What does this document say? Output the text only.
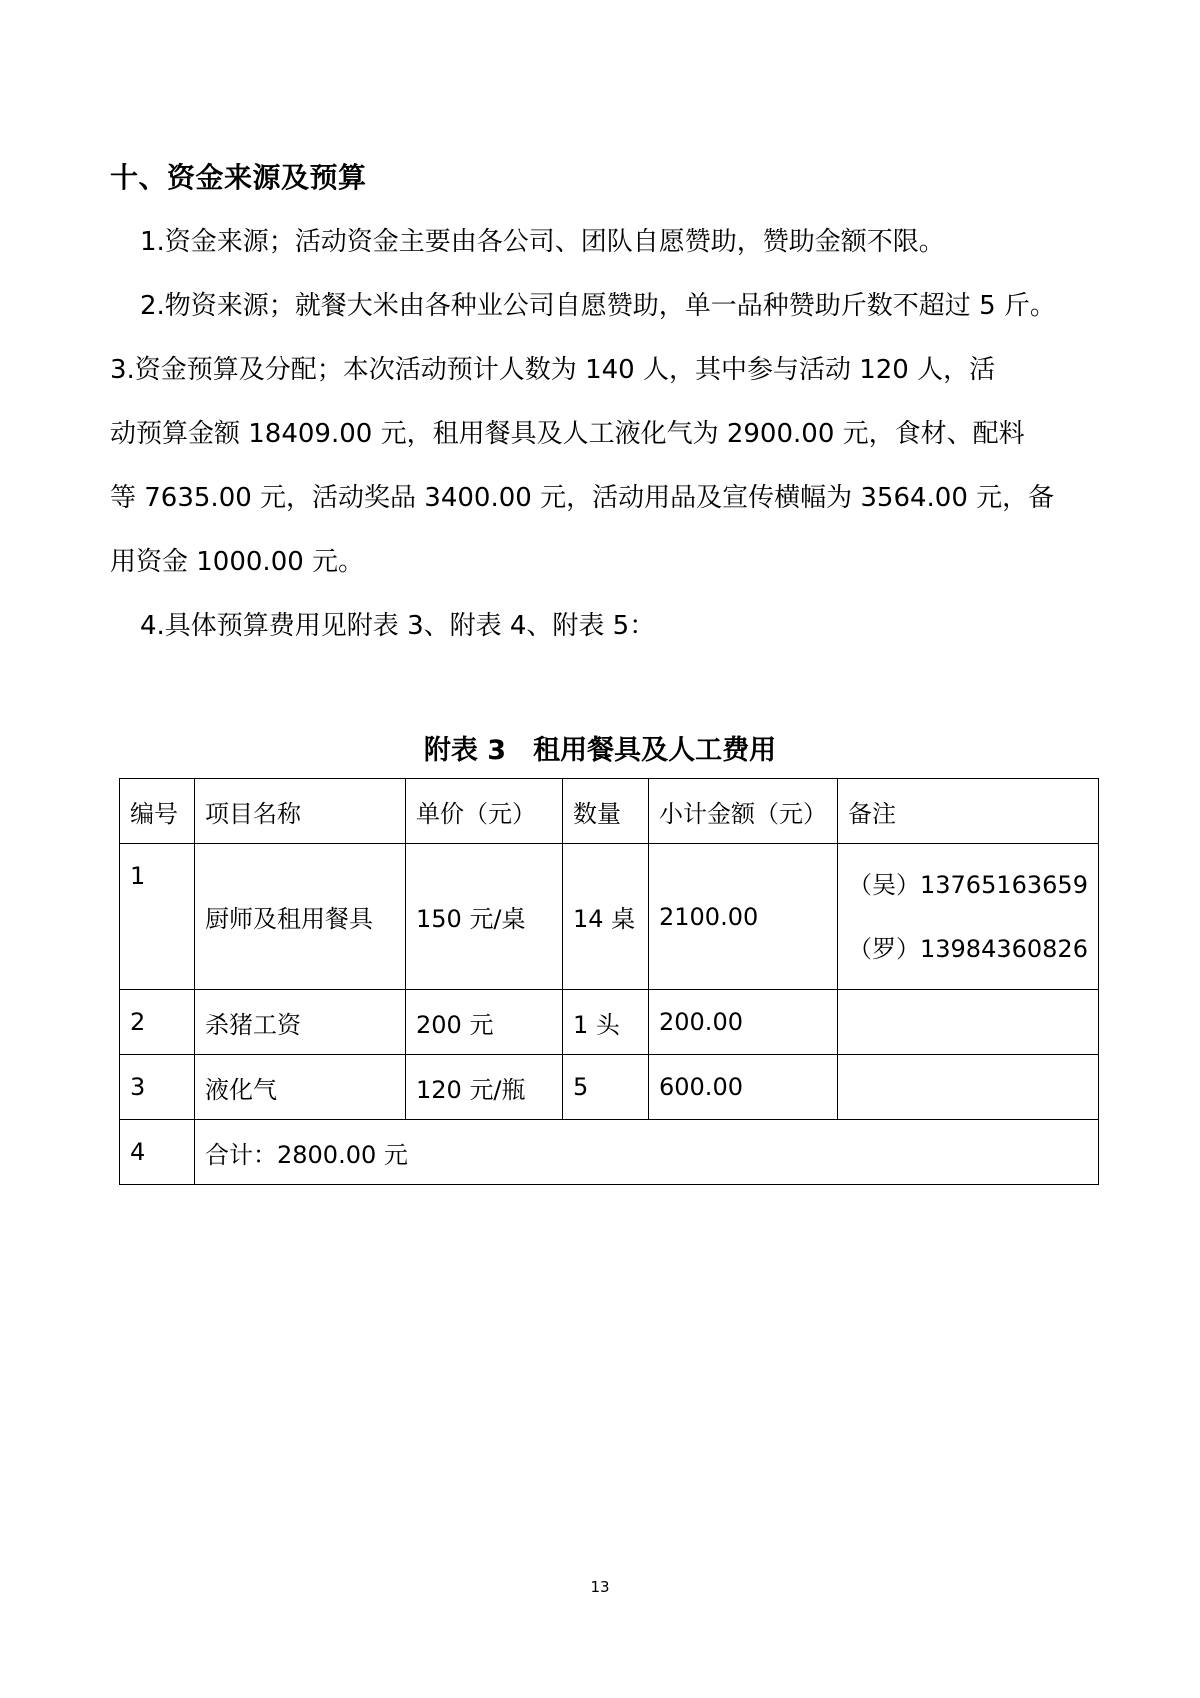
十、资金来源及预算
1.资金来源；活动资金主要由各公司、团队自愿赞助，赞助金额不限。
2.物资来源；就餐大米由各种业公司自愿赞助，单一品种赞助斤数不超过 5 斤。
3.资金预算及分配；本次活动预计人数为 140 人，其中参与活动 120 人，活
动预算金额 18409.00 元，租用餐具及人工液化气为 2900.00 元，食材、配料
等 7635.00 元，活动奖品 3400.00 元，活动用品及宣传横幅为 3564.00 元，备
用资金 1000.00 元。
4.具体预算费用见附表 3、附表 4、附表 5：
附表 3　租用餐具及人工费用
编号	项目名称	单价（元）	数量	小计金额（元）	备注
1	厨师及租用餐具	150 元/桌	14 桌	2100.00	（吴）13765163659
（罗）13984360826

2	杀猪工资	200 元	1 头	200.00	
3	液化气	120 元/瓶	5	600.00	
4	合计：2800.00 元				
13
